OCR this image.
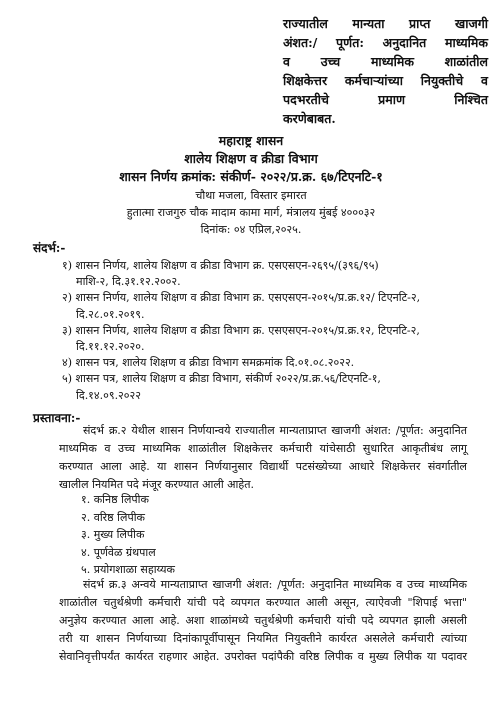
राज्यातील मान्यता प्राप्त खाजगी
अंशत:/ पूर्णत: अनुदानित माध्यमिक
व उच्च माध्यमिक शाळांतील
शिक्षकेत्तर कर्मचाऱ्यांच्या नियुक्तीचे व
पदभरतीचे प्रमाण निश्चित
करणेबाबत.
महाराष्ट्र शासन
शालेय शिक्षण व क्रीडा विभाग
शासन निर्णय क्रमांक: संकीर्ण- २०२२/प्र.क्र. ६७/टिएनटि-१
चौथा मजला, विस्तार इमारत
हुतात्मा राजगुरु चौक मादाम कामा मार्ग, मंत्रालय मुंबई ४०००३२
दिनांक: ०४ एप्रिल,२०२५.
संदर्भ:-
१) शासन निर्णय, शालेय शिक्षण व क्रीडा विभाग क्र. एसएसएन-२६९५/(३९६/९५)
माशि-२, दि.३१.१२.२००२.
२) शासन निर्णय, शालेय शिक्षण व क्रीडा विभाग क्र. एसएसएन-२०१५/प्र.क्र.१२/ टिएनटि-२,
दि.२८.०१.२०१९.
३) शासन निर्णय, शालेय शिक्षण व क्रीडा विभाग क्र. एसएसएन-२०१५/प्र.क्र.१२, टिएनटि-२,
दि.११.१२.२०२०.
४) शासन पत्र, शालेय शिक्षण व क्रीडा विभाग समक्रमांक दि.०१.०८.२०२२.
५) शासन पत्र, शालेय शिक्षण व क्रीडा विभाग, संकीर्ण २०२२/प्र.क्र.५६/टिएनटि-१,
दि.१४.०९.२०२२
प्रस्तावना:-
संदर्भ क्र.२ येथील शासन निर्णयान्वये राज्यातील मान्यताप्राप्त खाजगी अंशत: /पूर्णत: अनुदानित
माध्यमिक व उच्च माध्यमिक शाळांतील शिक्षकेत्तर कर्मचारी यांचेसाठी सुधारित आकृतीबंध लागू
करण्यात आला आहे. या शासन निर्णयानुसार विद्यार्थी पटसंख्येच्या आधारे शिक्षकेत्तर संवर्गातील
खालील नियमित पदे मंजूर करण्यात आली आहेत.
१. कनिष्ठ लिपीक
२. वरिष्ठ लिपीक
३. मुख्य लिपीक
४. पूर्णवेळ ग्रंथपाल
५. प्रयोगशाळा सहाय्यक
संदर्भ क्र.३ अन्वये मान्यताप्राप्त खाजगी अंशत: /पूर्णत: अनुदानित माध्यमिक व उच्च माध्यमिक
शाळांतील चतुर्थश्रेणी कर्मचारी यांची पदे व्यपगत करण्यात आली असून, त्याऐवजी "शिपाई भत्ता"
अनुज्ञेय करण्यात आला आहे. अशा शाळांमध्ये चतुर्थश्रेणी कर्मचारी यांची पदे व्यपगत झाली असली
तरी या शासन निर्णयाच्या दिनांकापूर्वीपासून नियमित नियुक्तीने कार्यरत असलेले कर्मचारी त्यांच्या
सेवानिवृत्तीपर्यंत कार्यरत राहणार आहेत. उपरोक्त पदांपैकी वरिष्ठ लिपीक व मुख्य लिपीक या पदावर
